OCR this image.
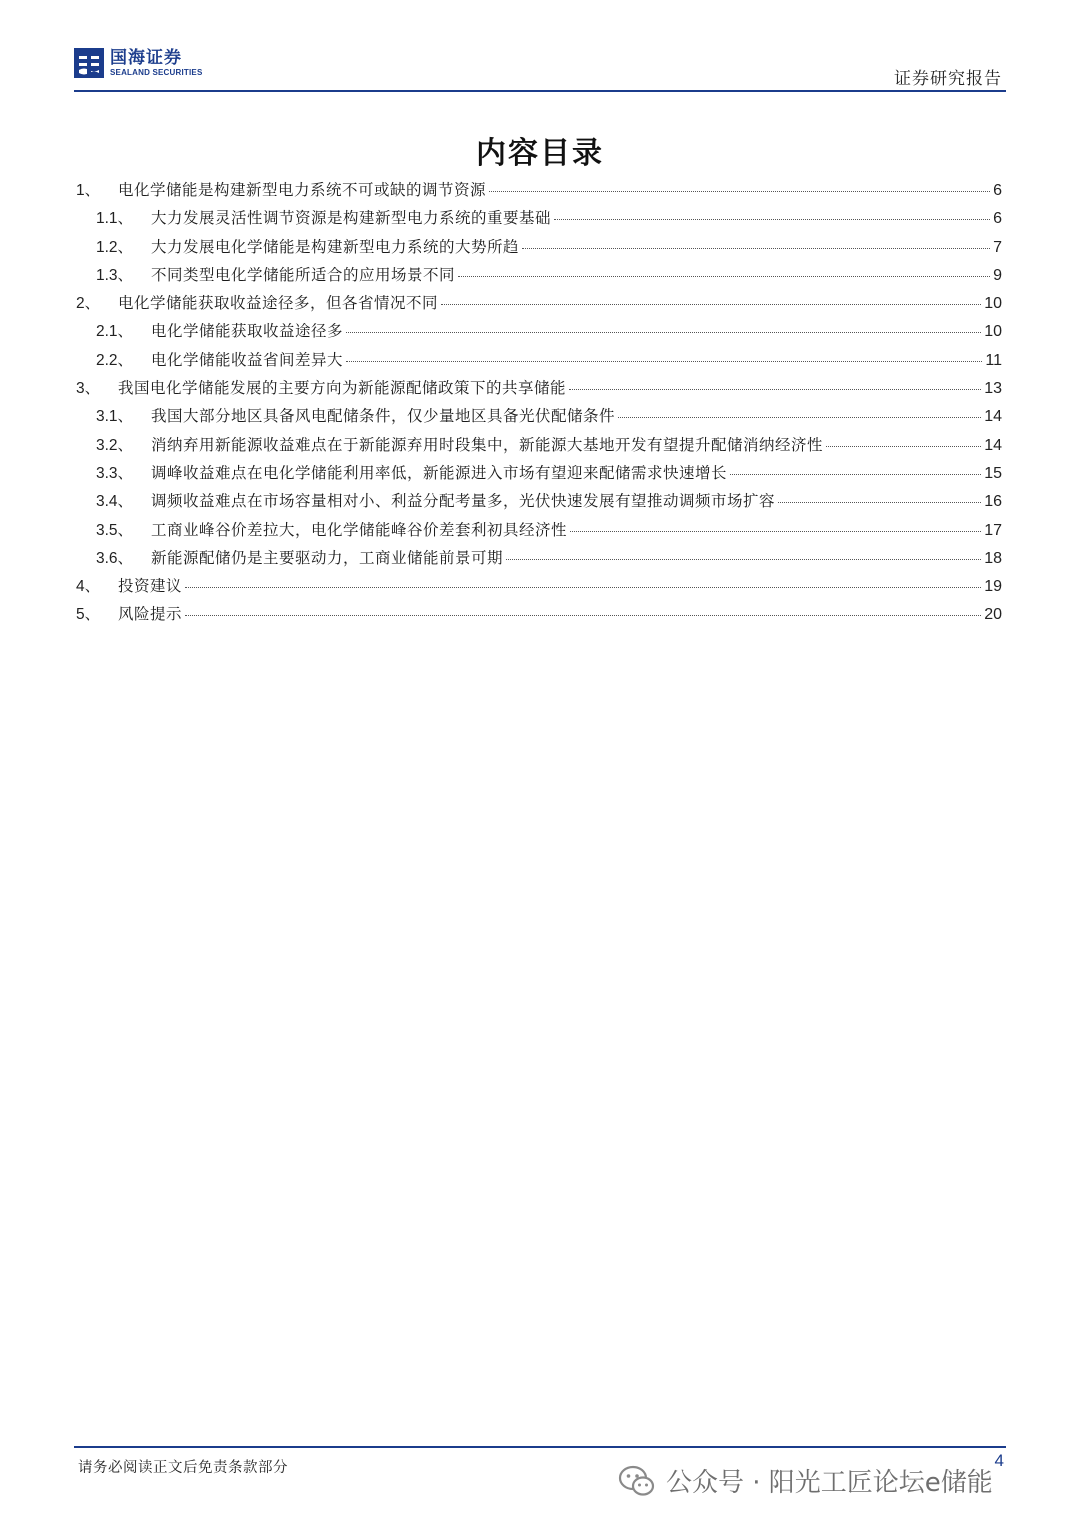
国海证券
SEALAND SECURITIES	证券研究报告
内容目录
1、	电化学储能是构建新型电力系统不可或缺的调节资源	6
1.1、	大力发展灵活性调节资源是构建新型电力系统的重要基础	6
1.2、	大力发展电化学储能是构建新型电力系统的大势所趋	7
1.3、	不同类型电化学储能所适合的应用场景不同	9
2、	电化学储能获取收益途径多，但各省情况不同	10
2.1、	电化学储能获取收益途径多	10
2.2、	电化学储能收益省间差异大	11
3、	我国电化学储能发展的主要方向为新能源配储政策下的共享储能	13
3.1、	我国大部分地区具备风电配储条件，仅少量地区具备光伏配储条件	14
3.2、	消纳弃用新能源收益难点在于新能源弃用时段集中，新能源大基地开发有望提升配储消纳经济性	14
3.3、	调峰收益难点在电化学储能利用率低，新能源进入市场有望迎来配储需求快速增长	15
3.4、	调频收益难点在市场容量相对小、利益分配考量多，光伏快速发展有望推动调频市场扩容	16
3.5、	工商业峰谷价差拉大，电化学储能峰谷价差套利初具经济性	17
3.6、	新能源配储仍是主要驱动力，工商业储能前景可期	18
4、	投资建议	19
5、	风险提示	20
请务必阅读正文后免责条款部分	4
公众号 · 阳光工匠论坛e储能
